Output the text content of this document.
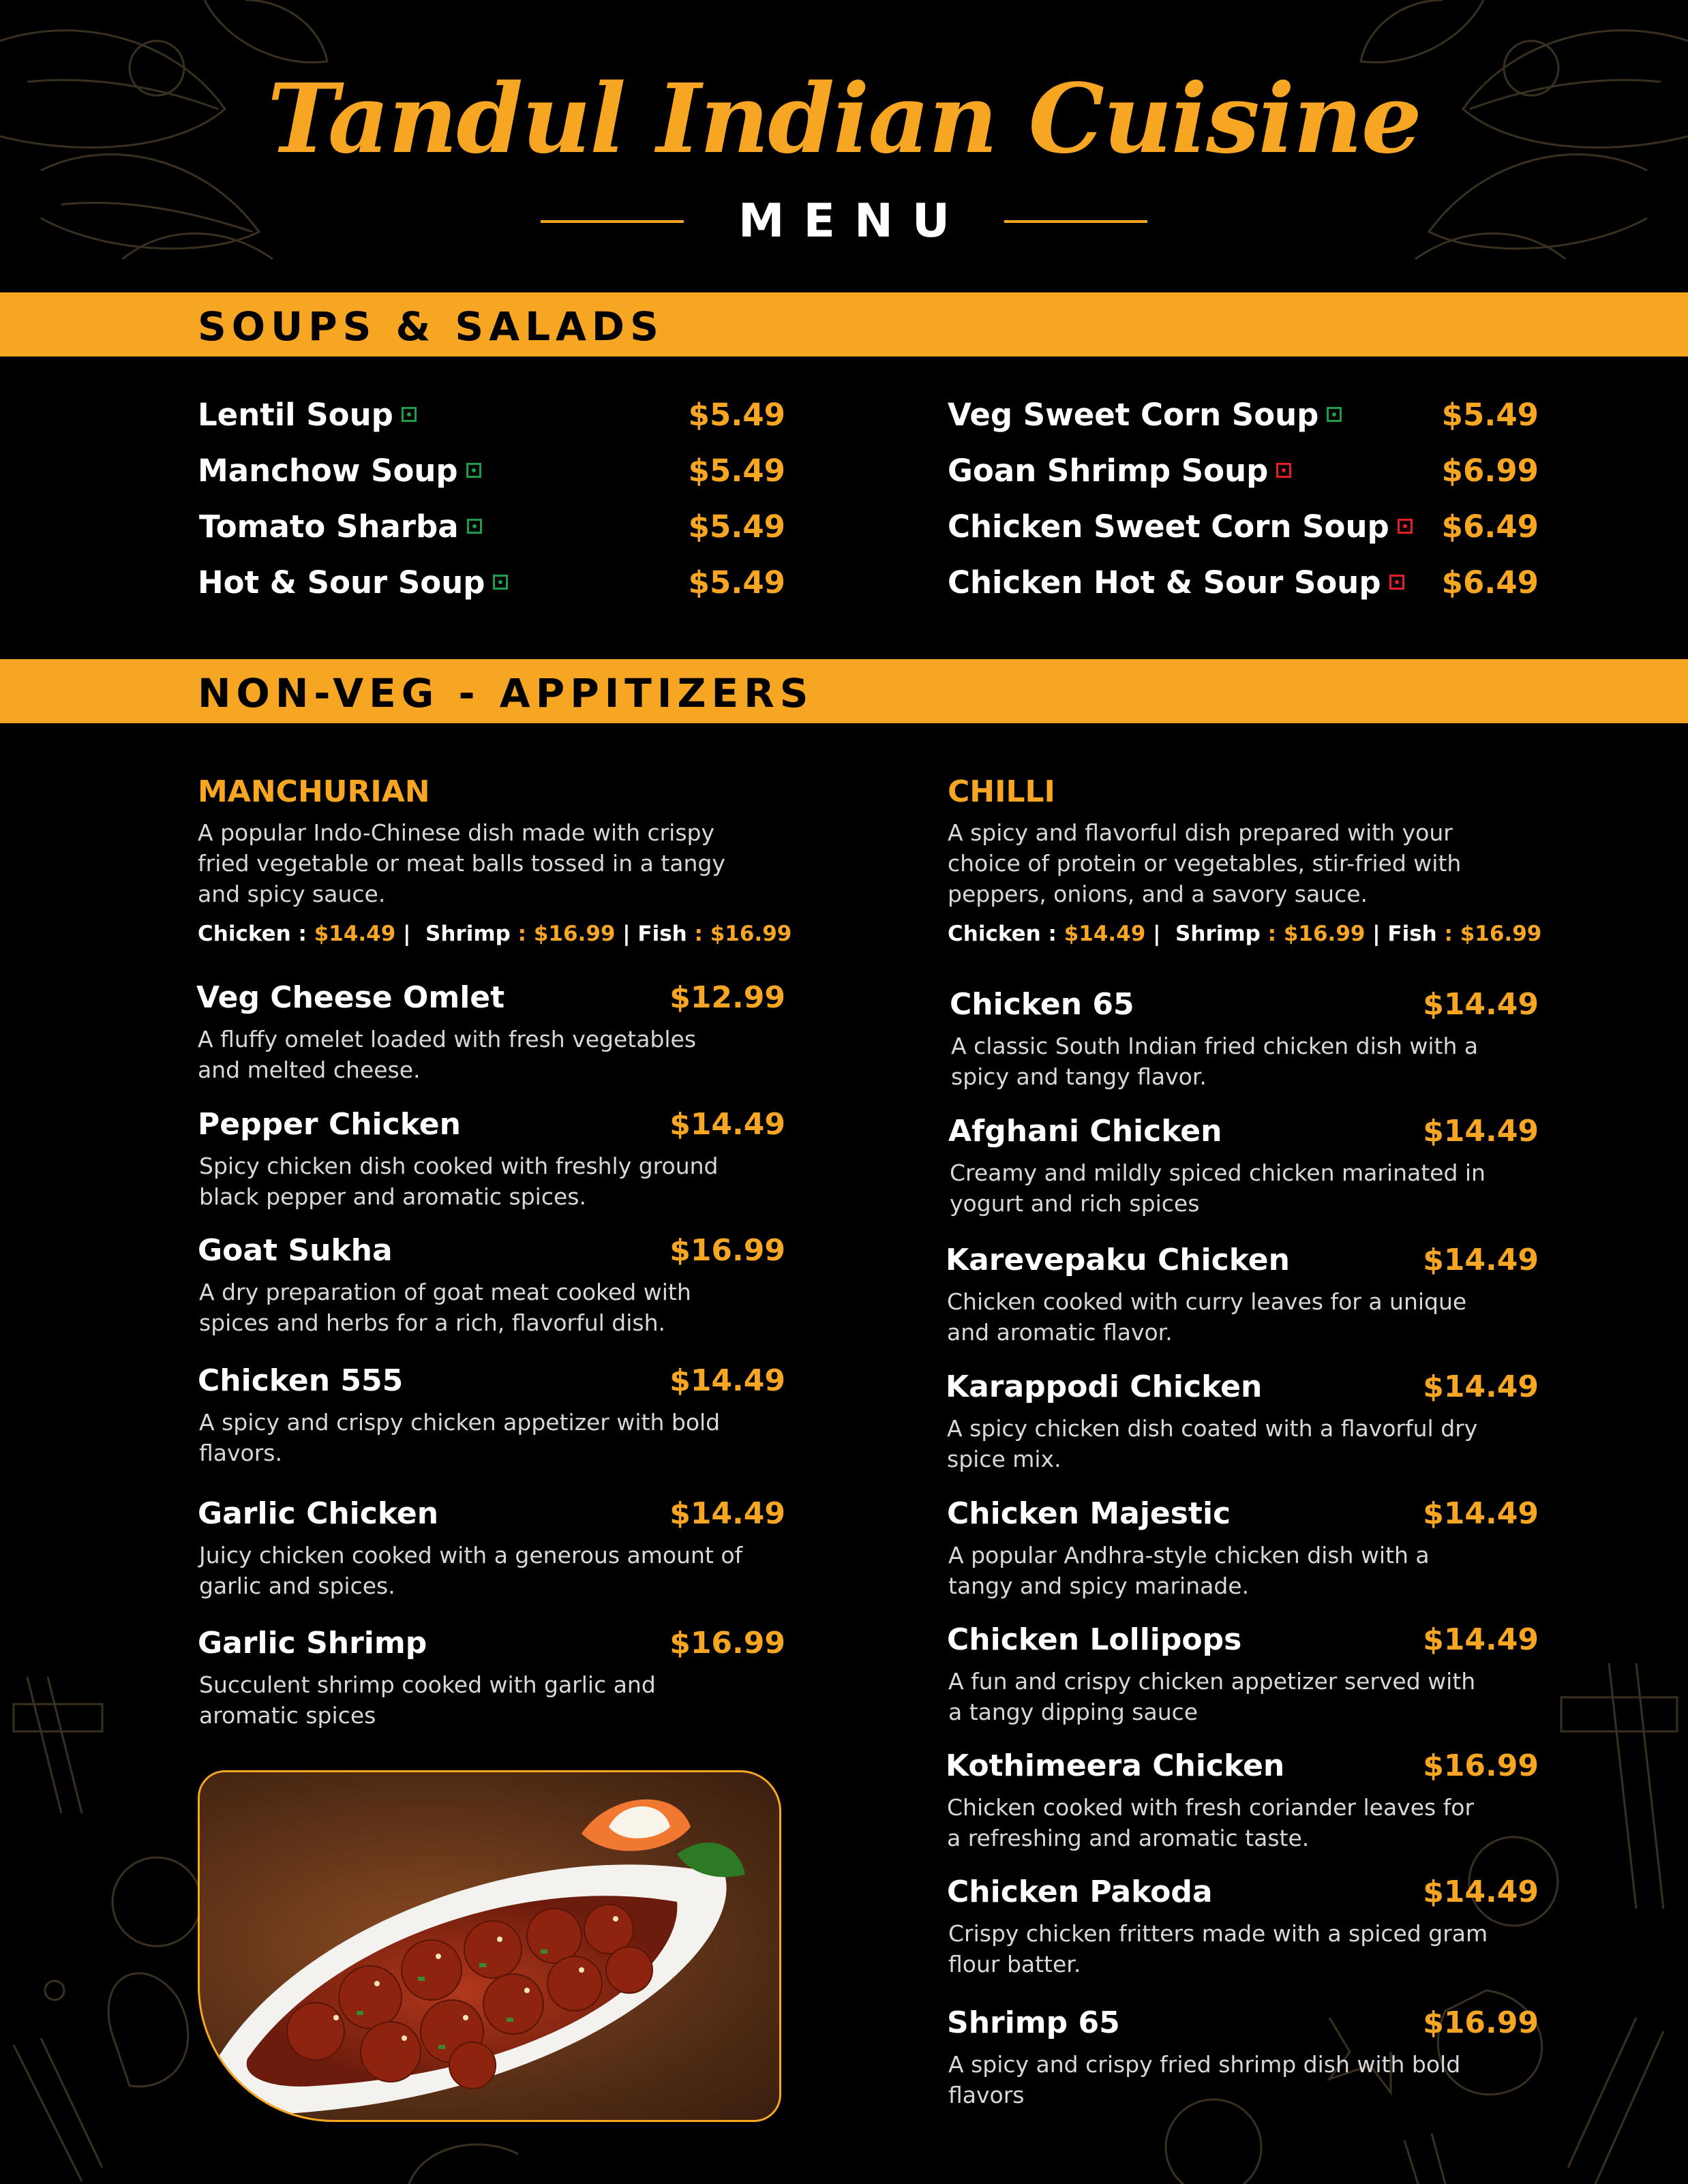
Tandul Indian Cuisine
MENU
SOUPS & SALADS
Lentil Soup	$5.49
Manchow Soup	$5.49
Tomato Sharba	$5.49
Hot & Sour Soup	$5.49
Veg Sweet Corn Soup	$5.49
Goan Shrimp Soup	$6.99
Chicken Sweet Corn Soup	$6.49
Chicken Hot & Sour Soup	$6.49
NON-VEG - APPITIZERS
MANCHURIAN
A popular Indo-Chinese dish made with crispy fried vegetable or meat balls tossed in a tangy and spicy sauce.
Chicken : $14.49 |  Shrimp : $16.99 | Fish : $16.99
CHILLI
A spicy and flavorful dish prepared with your choice of protein or vegetables, stir-fried with peppers, onions, and a savory sauce.
Chicken : $14.49 |  Shrimp : $16.99 | Fish : $16.99
Veg Cheese Omlet	$12.99
A fluffy omelet loaded with fresh vegetables and melted cheese.
Pepper Chicken	$14.49
Spicy chicken dish cooked with freshly ground black pepper and aromatic spices.
Goat Sukha	$16.99
A dry preparation of goat meat cooked with spices and herbs for a rich, flavorful dish.
Chicken 555	$14.49
A spicy and crispy chicken appetizer with bold flavors.
Garlic Chicken	$14.49
Juicy chicken cooked with a generous amount of garlic and spices.
Garlic Shrimp	$16.99
Succulent shrimp cooked with garlic and aromatic spices
Chicken 65	$14.49
A classic South Indian fried chicken dish with a spicy and tangy flavor.
Afghani Chicken	$14.49
Creamy and mildly spiced chicken marinated in yogurt and rich spices
Karevepaku Chicken	$14.49
Chicken cooked with curry leaves for a unique and aromatic flavor.
Karappodi Chicken	$14.49
A spicy chicken dish coated with a flavorful dry spice mix.
Chicken Majestic	$14.49
A popular Andhra-style chicken dish with a tangy and spicy marinade.
Chicken Lollipops	$14.49
A fun and crispy chicken appetizer served with a tangy dipping sauce
Kothimeera Chicken	$16.99
Chicken cooked with fresh coriander leaves for a refreshing and aromatic taste.
Chicken Pakoda	$14.49
Crispy chicken fritters made with a spiced gram flour batter.
Shrimp 65	$16.99
A spicy and crispy fried shrimp dish with bold flavors
